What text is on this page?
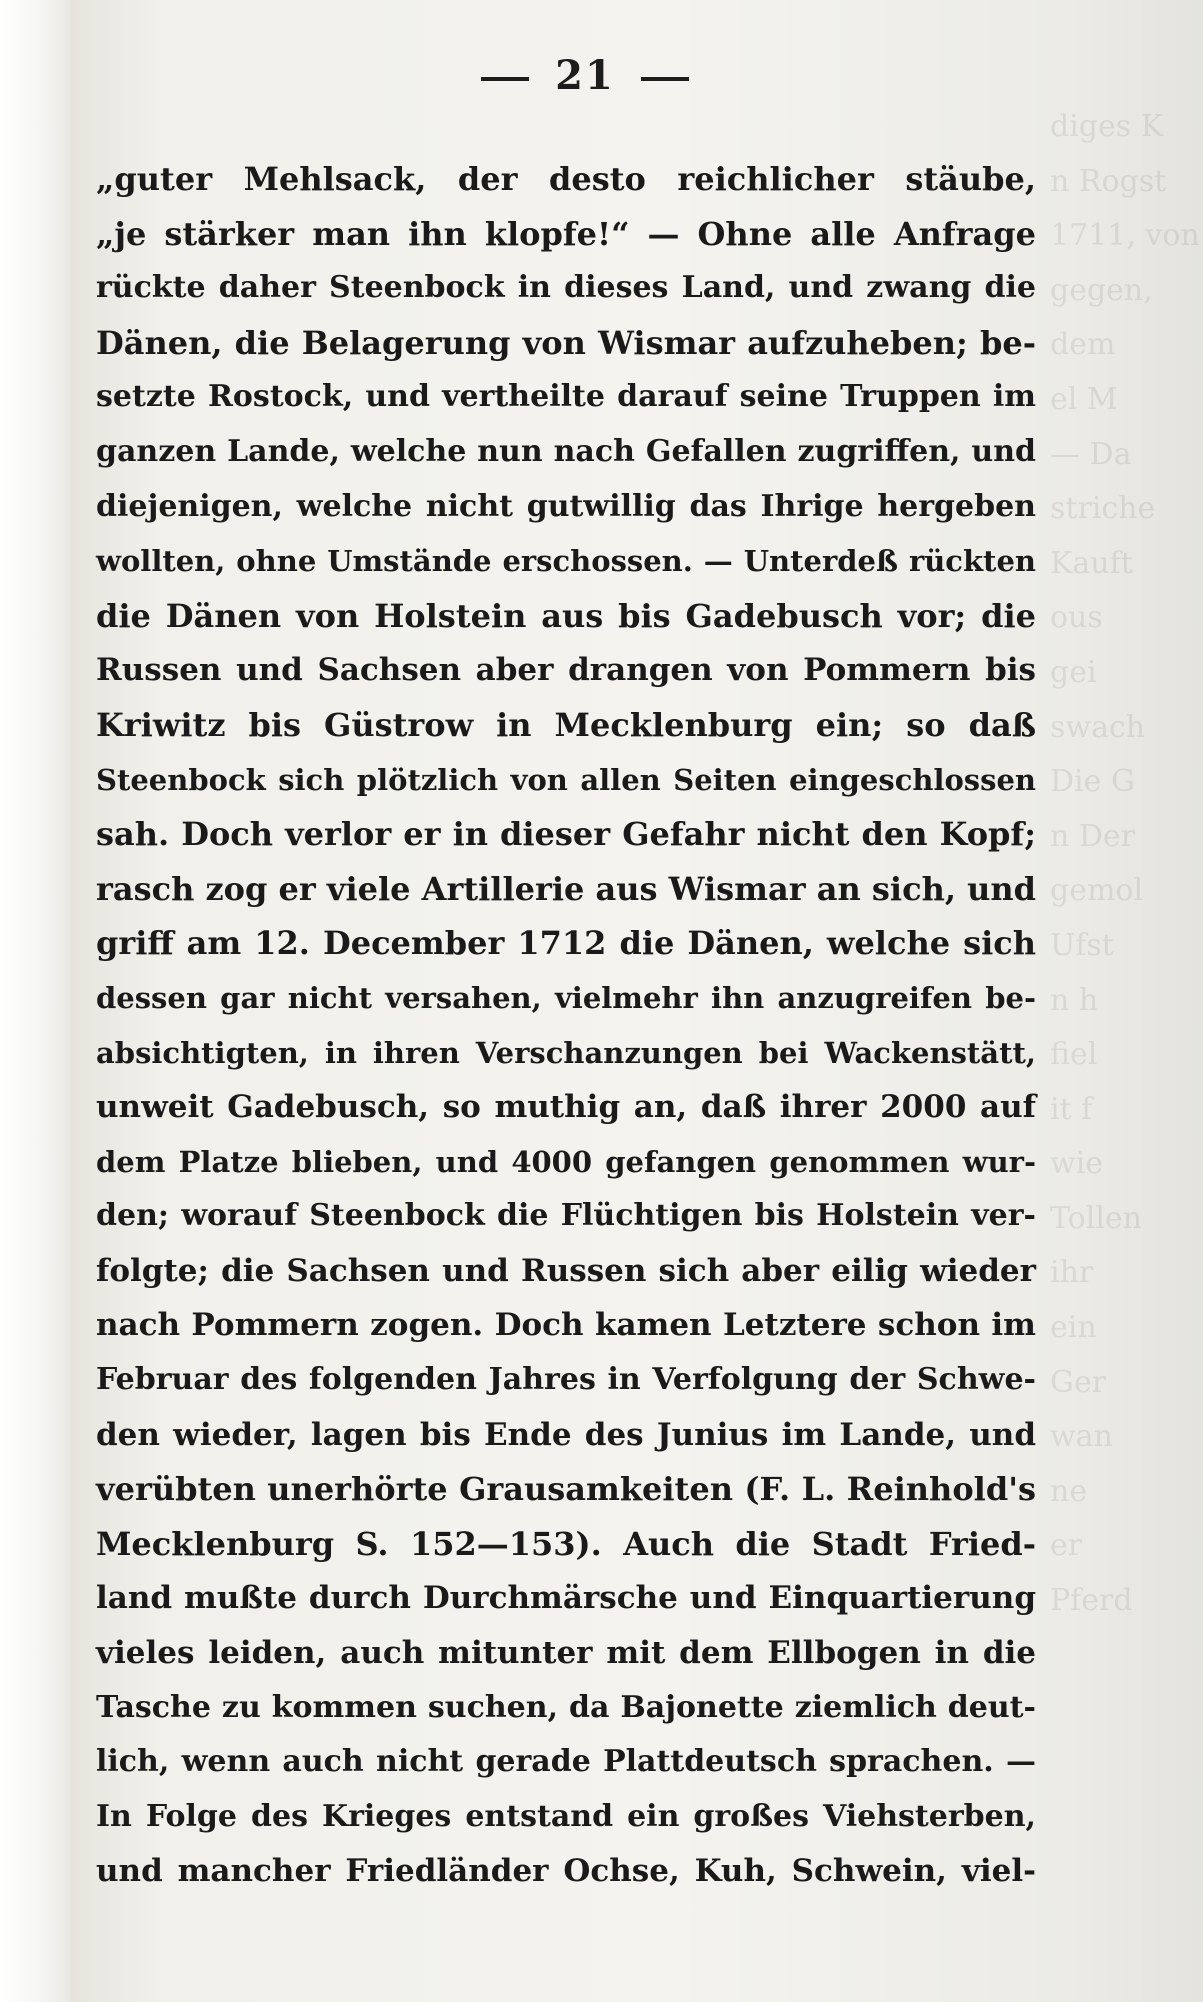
diges K
n Rogst
1711, von
gegen,
dem
el M
— Da
striche
Kauft
ous
gei
swach
Die G
n Der
gemol
Ufst
n h
fiel
it f
wie
Tollen
ihr
ein
Ger
wan
ne
er
Pferd
21
„guter Mehlsack, der desto reichlicher stäube,
„je stärker man ihn klopfe!“ — Ohne alle Anfrage
rückte daher Steenbock in dieses Land, und zwang die
Dänen, die Belagerung von Wismar aufzuheben; be-
setzte Rostock, und vertheilte darauf seine Truppen im
ganzen Lande, welche nun nach Gefallen zugriffen, und
diejenigen, welche nicht gutwillig das Ihrige hergeben
wollten, ohne Umstände erschossen. — Unterdeß rückten
die Dänen von Holstein aus bis Gadebusch vor; die
Russen und Sachsen aber drangen von Pommern bis
Kriwitz bis Güstrow in Mecklenburg ein; so daß
Steenbock sich plötzlich von allen Seiten eingeschlossen
sah. Doch verlor er in dieser Gefahr nicht den Kopf;
rasch zog er viele Artillerie aus Wismar an sich, und
griff am 12. December 1712 die Dänen, welche sich
dessen gar nicht versahen, vielmehr ihn anzugreifen be-
absichtigten, in ihren Verschanzungen bei Wackenstätt,
unweit Gadebusch, so muthig an, daß ihrer 2000 auf
dem Platze blieben, und 4000 gefangen genommen wur-
den; worauf Steenbock die Flüchtigen bis Holstein ver-
folgte; die Sachsen und Russen sich aber eilig wieder
nach Pommern zogen. Doch kamen Letztere schon im
Februar des folgenden Jahres in Verfolgung der Schwe-
den wieder, lagen bis Ende des Junius im Lande, und
verübten unerhörte Grausamkeiten (F. L. Reinhold's
Mecklenburg S. 152—153). Auch die Stadt Fried-
land mußte durch Durchmärsche und Einquartierung
vieles leiden, auch mitunter mit dem Ellbogen in die
Tasche zu kommen suchen, da Bajonette ziemlich deut-
lich, wenn auch nicht gerade Plattdeutsch sprachen. —
In Folge des Krieges entstand ein großes Viehsterben,
und mancher Friedländer Ochse, Kuh, Schwein, viel-
